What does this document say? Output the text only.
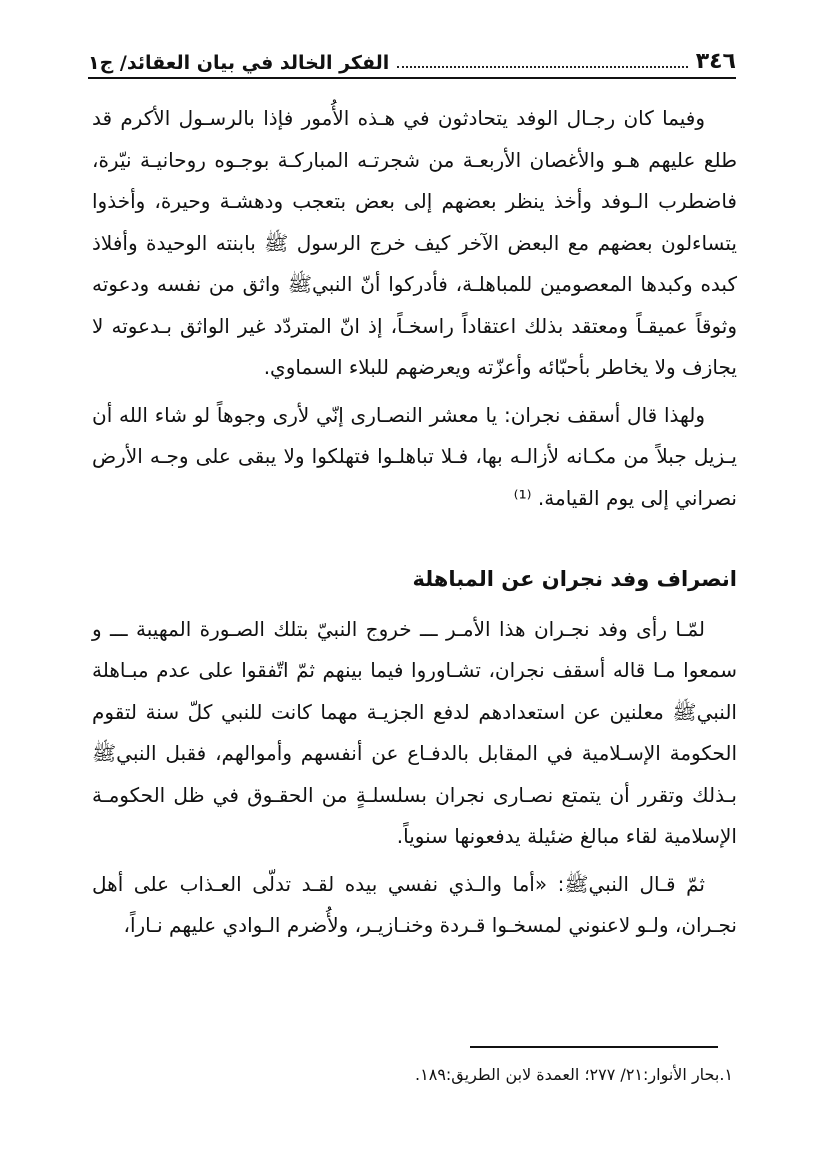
٣٤٦
الفكر الخالد في بيان العقائد/ ج١

وفيما كان رجـال الوفد يتحادثون في هـذه الأُمور فإذا بالرسـول الأكرم قد طلع عليهم هـو والأغصان الأربعـة من شجرتـه المباركـة بوجـوه روحانيـة نيّرة، فاضطرب الـوفد وأخذ ينظر بعضهم إلى بعض بتعجب ودهشـة وحيرة، وأخذوا يتساءلون بعضهم مع البعض الآخر كيف خرج الرسول ﷺ بابنته الوحيدة وأفلاذ كبده وكبدها المعصومين للمباهلـة، فأدركوا أنّ النبيﷺ واثق من نفسه ودعوته وثوقاً عميقـاً ومعتقد بذلك اعتقاداً راسخـاً، إذ انّ المتردّد غير الواثق بـدعوته لا يجازف ولا يخاطر بأحبّائه وأعزّته ويعرضهم للبلاء السماوي.

ولهذا قال أسقف نجران: يا معشر النصـارى إنّي لأرى وجوهاً لو شاء الله أن يـزيل جبلاً من مكـانه لأزالـه بها، فـلا تباهلـوا فتهلكوا ولا يبقى على وجـه الأرض نصراني إلى يوم القيامة. ⁽¹⁾

انصراف وفد نجران عن المباهلة

لمّـا رأى وفد نجـران هذا الأمـر ـــ خروج النبيّ بتلك الصـورة المهيبة ـــ و سمعوا مـا قاله أسقف نجران، تشـاوروا فيما بينهم ثمّ اتّفقوا على عدم مبـاهلة النبيﷺ معلنين عن استعدادهم لدفع الجزيـة مهما كانت للنبي كلّ سنة لتقوم الحكومة الإسـلامية في المقابل بالدفـاع عن أنفسهم وأموالهم، فقبل النبيﷺ بـذلك وتقرر أن يتمتع نصـارى نجران بسلسلـةٍ من الحقـوق في ظل الحكومـة الإسلامية لقاء مبالغ ضئيلة يدفعونها سنوياً.

ثمّ قـال النبيﷺ: «أما والـذي نفسي بيده لقـد تدلّى العـذاب على أهل نجـران، ولـو لاعنوني لمسخـوا قـردة وخنـازيـر، ولأُضرم الـوادي عليهم نـاراً،

١.بحار الأنوار:٢١/ ٢٧٧؛ العمدة لابن الطريق:١٨٩.
